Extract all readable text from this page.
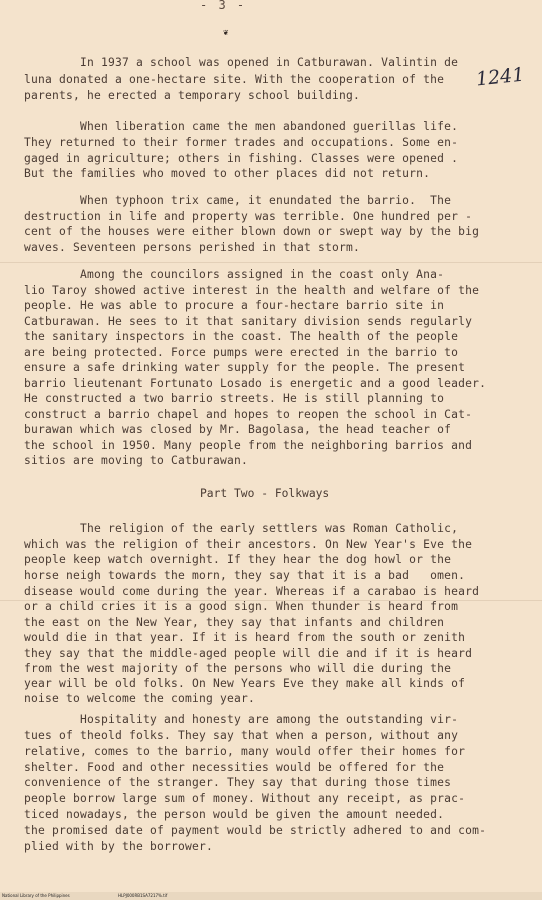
- 3 -
❦
1241
In 1937 a school was opened in Catburawan. Valintin de
luna donated a one-hectare site. With the cooperation of the
parents, he erected a temporary school building.
When liberation came the men abandoned guerillas life.
They returned to their former trades and occupations. Some en-
gaged in agriculture; others in fishing. Classes were opened .
But the families who moved to other places did not return.
When typhoon trix came, it enundated the barrio.  The
destruction in life and property was terrible. One hundred per -
cent of the houses were either blown down or swept way by the big
waves. Seventeen persons perished in that storm.
Among the councilors assigned in the coast only Ana-
lio Taroy showed active interest in the health and welfare of the
people. He was able to procure a four-hectare barrio site in
Catburawan. He sees to it that sanitary division sends regularly
the sanitary inspectors in the coast. The health of the people
are being protected. Force pumps were erected in the barrio to
ensure a safe drinking water supply for the people. The present
barrio lieutenant Fortunato Losado is energetic and a good leader.
He constructed a two barrio streets. He is still planning to
construct a barrio chapel and hopes to reopen the school in Cat-
burawan which was closed by Mr. Bagolasa, the head teacher of
the school in 1950. Many people from the neighboring barrios and
sitios are moving to Catburawan.
Part Two - Folkways
The religion of the early settlers was Roman Catholic,
which was the religion of their ancestors. On New Year's Eve the
people keep watch overnight. If they hear the dog howl or the
horse neigh towards the morn, they say that it is a bad   omen.
disease would come during the year. Whereas if a carabao is heard
or a child cries it is a good sign. When thunder is heard from
the east on the New Year, they say that infants and children
would die in that year. If it is heard from the south or zenith
they say that the middle-aged people will die and if it is heard
from the west majority of the persons who will die during the
year will be old folks. On New Years Eve they make all kinds of
noise to welcome the coming year.
Hospitality and honesty are among the outstanding vir-
tues of theold folks. They say that when a person, without any
relative, comes to the barrio, many would offer their homes for
shelter. Food and other necessities would be offered for the
convenience of the stranger. They say that during those times
people borrow large sum of money. Without any receipt, as prac-
ticed nowadays, the person would be given the amount needed.
the promised date of payment would be strictly adhered to and com-
plied with by the borrower.
National Library of the Philippines	HLPJ000RB1SA7217%.tif
